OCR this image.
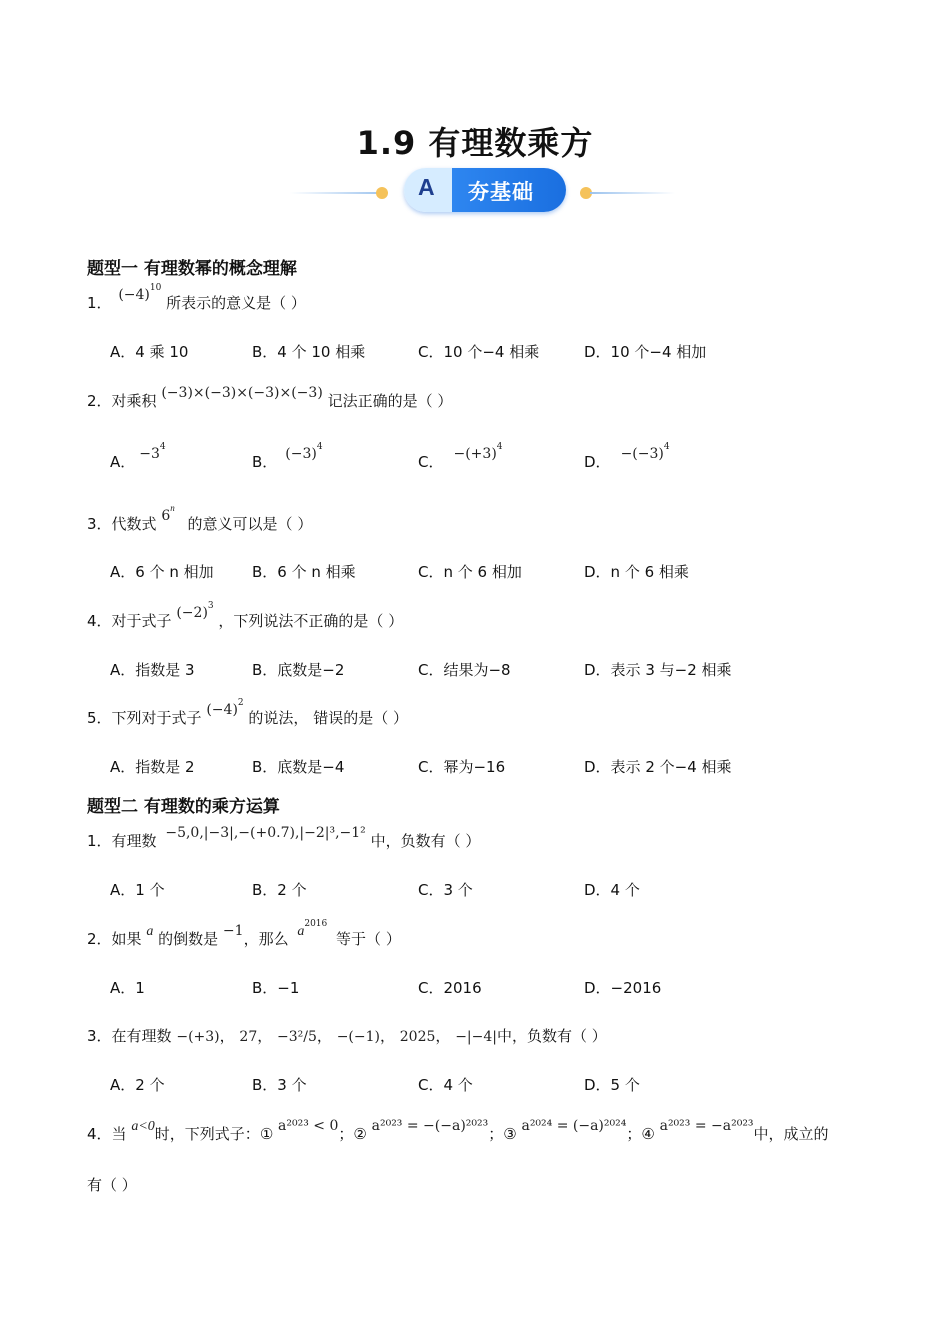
1.9 有理数乘方
A 夯基础
题型一 有理数幂的概念理解
1． $(-4)^{10}$ 所表示的意义是（ ）
A．4 乘 10	B．4 个 10 相乘	C．10 个−4 相乘	D．10 个−4 相加
2．对乘积 (−3)×(−3)×(−3)×(−3) 记法正确的是（ ）
A． $-3^4$
B． $(-3)^4$
C． $-(+3)^4$
D． $-(-3)^4$
3．代数式 6$^n$ 的意义可以是（ ）
A．6 个 n 相加	B．6 个 n 相乘	C．n 个 6 相加	D．n 个 6 相乘
4．对于式子 $(-2)^3$ ，下列说法不正确的是（ ）
A．指数是 3	B．底数是−2	C．结果为−8	D．表示 3 与−2 相乘
5．下列对于式子 $(-4)^2$ 的说法， 错误的是（ ）
A．指数是 2	B．底数是−4	C．幂为−16	D．表示 2 个−4 相乘
题型二 有理数的乘方运算
1．有理数 −5,0,|−3|,−(+0.7),|−2|³,−1² 中，负数有（ ）
A．1 个	B．2 个	C．3 个	D．4 个
2．如果 a 的倒数是 −1，那么 $a^{2016}$ 等于（ ）
A．1	B．−1	C．2016	D．−2016
3．在有理数 −(+3)， 27， −3²/5， −(−1)， 2025， −|−4|中，负数有（ ）
A．2 个	B．3 个	C．4 个	D．5 个
4．当 a<0时，下列式子：① a²⁰²³ < 0；② a²⁰²³ = −(−a)²⁰²³；③ a²⁰²⁴ = (−a)²⁰²⁴；④ a²⁰²³ = −a²⁰²³中，成立的
有（ ）
